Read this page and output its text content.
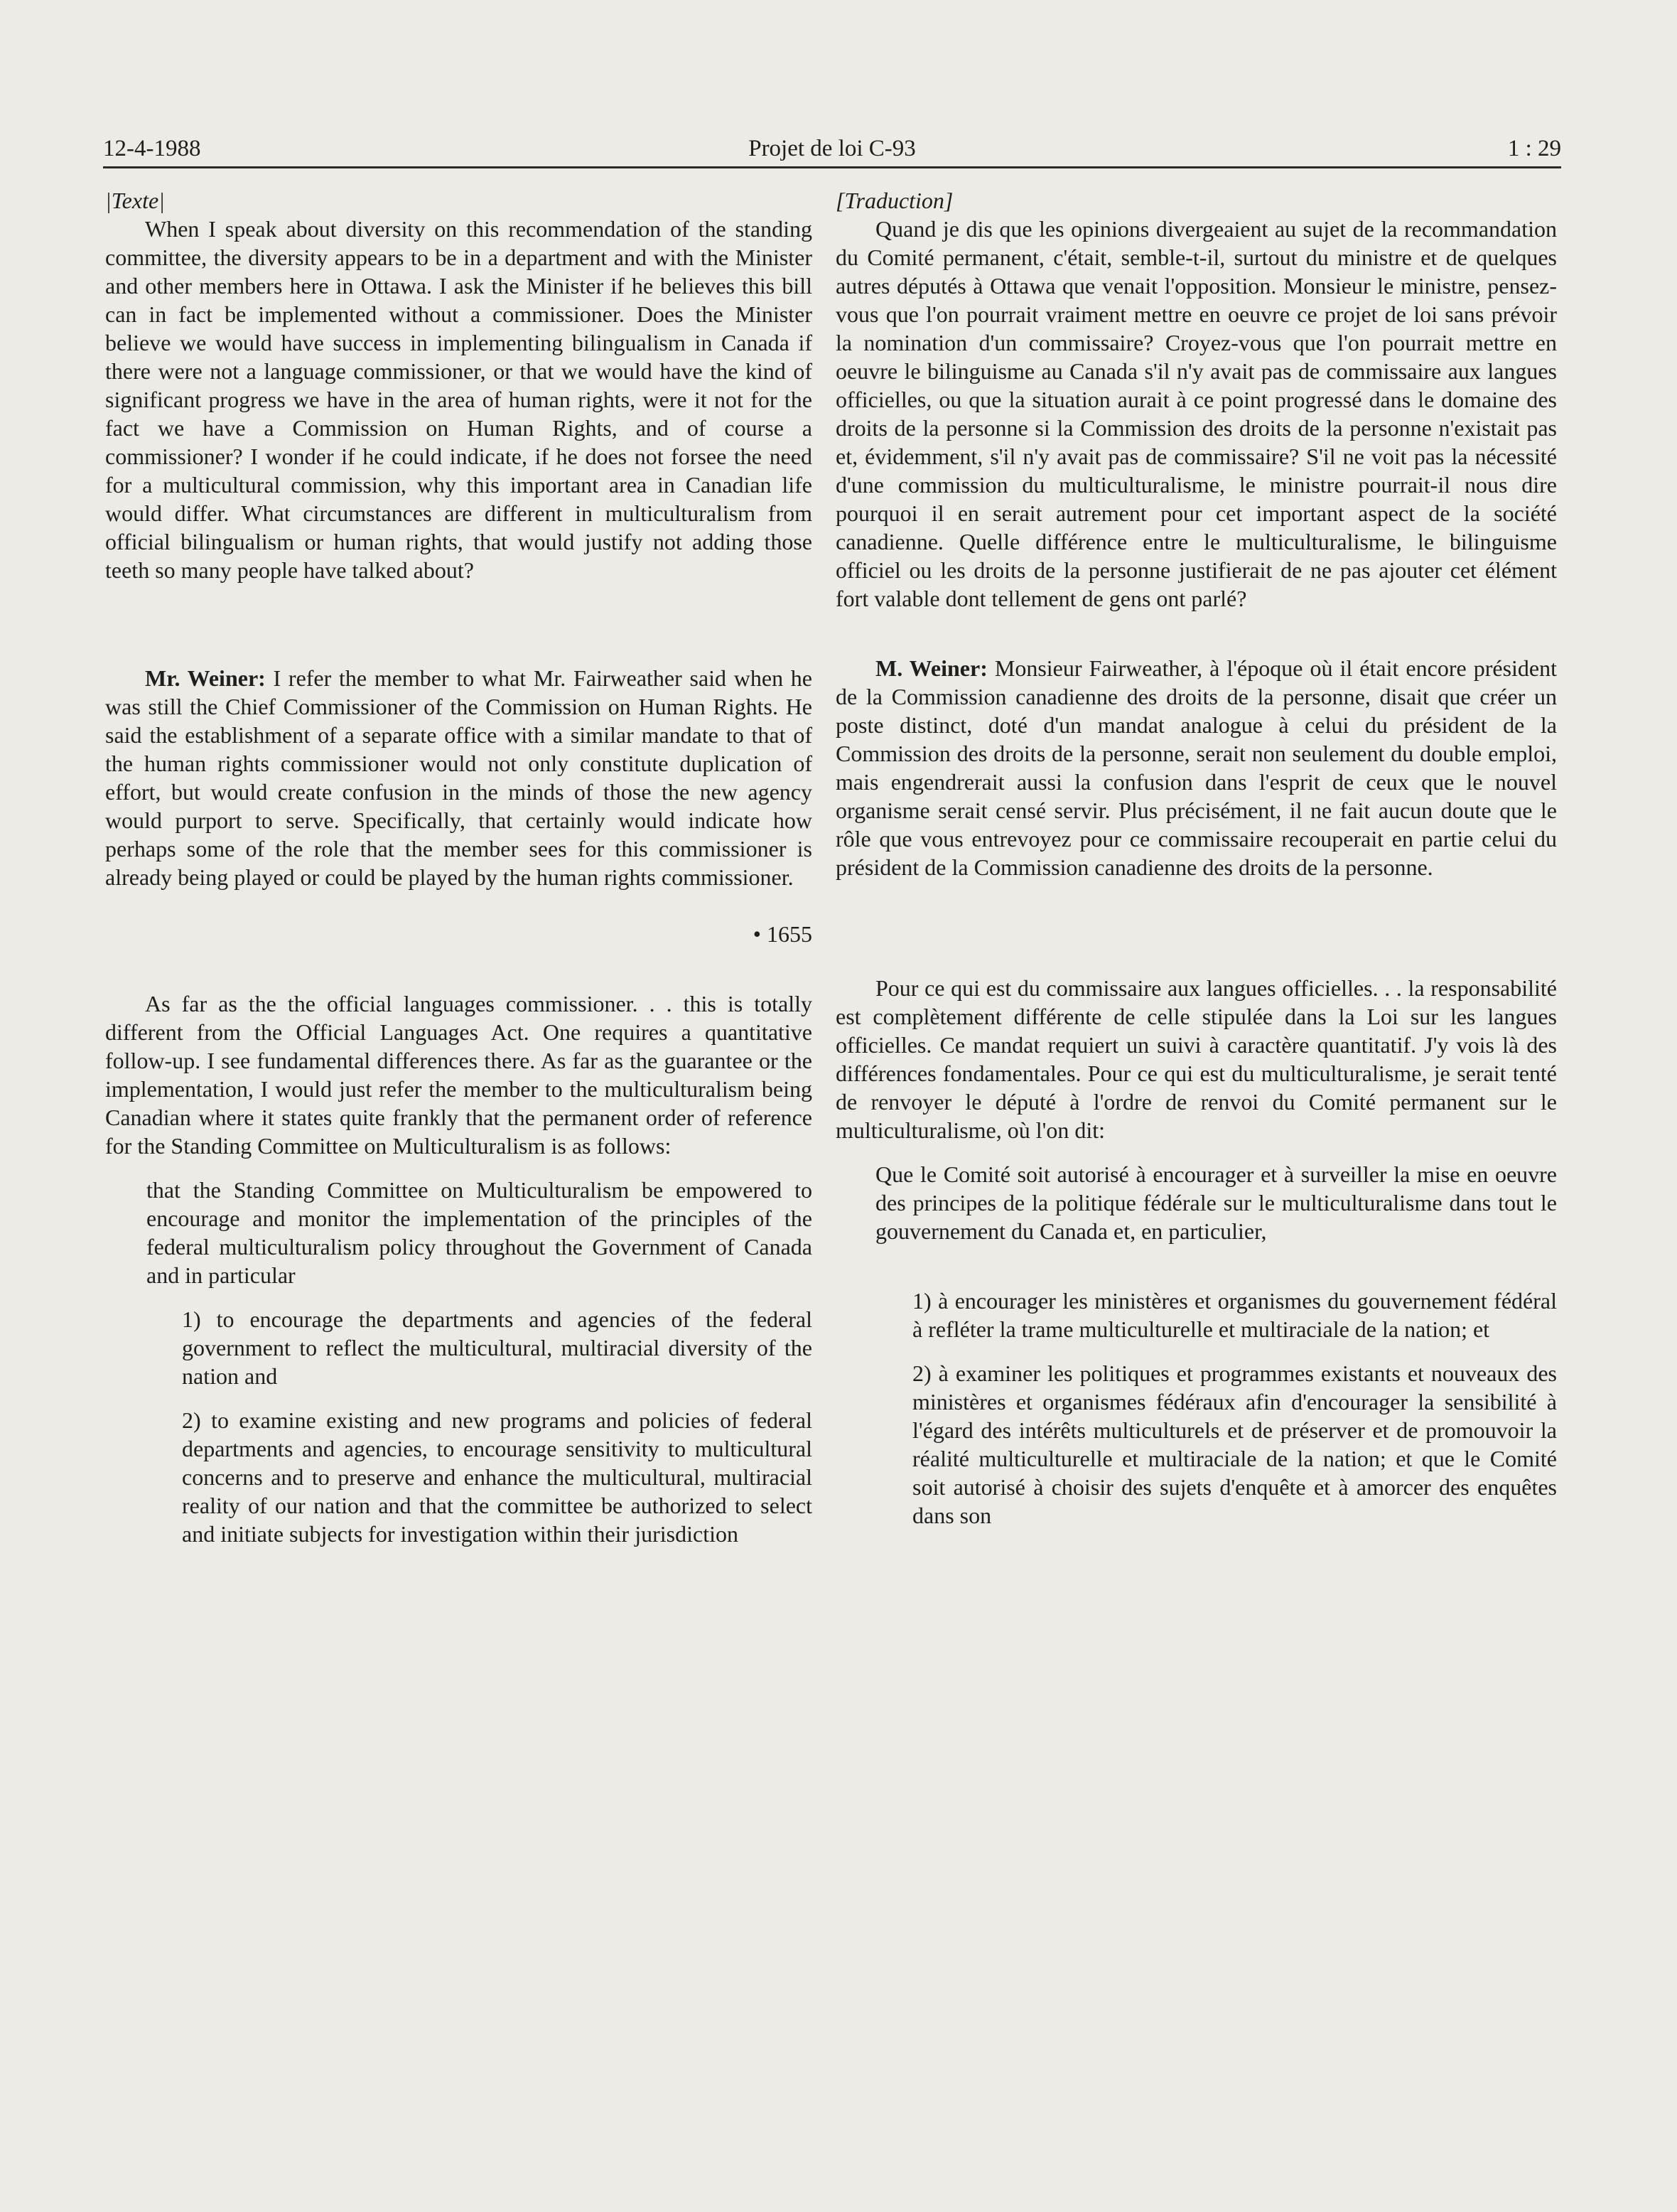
12-4-1988	Projet de loi C-93	1 : 29

|Texte|

When I speak about diversity on this recommendation of the standing committee, the diversity appears to be in a department and with the Minister and other members here in Ottawa. I ask the Minister if he believes this bill can in fact be implemented without a commissioner. Does the Minister believe we would have success in implementing bilingualism in Canada if there were not a language commissioner, or that we would have the kind of significant progress we have in the area of human rights, were it not for the fact we have a Commission on Human Rights, and of course a commissioner? I wonder if he could indicate, if he does not forsee the need for a multicultural commission, why this important area in Canadian life would differ. What circumstances are different in multiculturalism from official bilingualism or human rights, that would justify not adding those teeth so many people have talked about?

Mr. Weiner: I refer the member to what Mr. Fairweather said when he was still the Chief Commissioner of the Commission on Human Rights. He said the establishment of a separate office with a similar mandate to that of the human rights commissioner would not only constitute duplication of effort, but would create confusion in the minds of those the new agency would purport to serve. Specifically, that certainly would indicate how perhaps some of the role that the member sees for this commissioner is already being played or could be played by the human rights commissioner.

• 1655

As far as the the official languages commissioner. . . this is totally different from the Official Languages Act. One requires a quantitative follow-up. I see fundamental differences there. As far as the guarantee or the implementation, I would just refer the member to the multiculturalism being Canadian where it states quite frankly that the permanent order of reference for the Standing Committee on Multiculturalism is as follows:

that the Standing Committee on Multiculturalism be empowered to encourage and monitor the implementation of the principles of the federal multiculturalism policy throughout the Government of Canada and in particular

1) to encourage the departments and agencies of the federal government to reflect the multicultural, multiracial diversity of the nation and

2) to examine existing and new programs and policies of federal departments and agencies, to encourage sensitivity to multicultural concerns and to preserve and enhance the multicultural, multiracial reality of our nation and that the committee be authorized to select and initiate subjects for investigation within their jurisdiction

[Traduction]

Quand je dis que les opinions divergeaient au sujet de la recommandation du Comité permanent, c'était, semble-t-il, surtout du ministre et de quelques autres députés à Ottawa que venait l'opposition. Monsieur le ministre, pensez-vous que l'on pourrait vraiment mettre en oeuvre ce projet de loi sans prévoir la nomination d'un commissaire? Croyez-vous que l'on pourrait mettre en oeuvre le bilinguisme au Canada s'il n'y avait pas de commissaire aux langues officielles, ou que la situation aurait à ce point progressé dans le domaine des droits de la personne si la Commission des droits de la personne n'existait pas et, évidemment, s'il n'y avait pas de commissaire? S'il ne voit pas la nécessité d'une commission du multiculturalisme, le ministre pourrait-il nous dire pourquoi il en serait autrement pour cet important aspect de la société canadienne. Quelle différence entre le multiculturalisme, le bilinguisme officiel ou les droits de la personne justifierait de ne pas ajouter cet élément fort valable dont tellement de gens ont parlé?

M. Weiner: Monsieur Fairweather, à l'époque où il était encore président de la Commission canadienne des droits de la personne, disait que créer un poste distinct, doté d'un mandat analogue à celui du président de la Commission des droits de la personne, serait non seulement du double emploi, mais engendrerait aussi la confusion dans l'esprit de ceux que le nouvel organisme serait censé servir. Plus précisément, il ne fait aucun doute que le rôle que vous entrevoyez pour ce commissaire recouperait en partie celui du président de la Commission canadienne des droits de la personne.

Pour ce qui est du commissaire aux langues officielles. . . la responsabilité est complètement différente de celle stipulée dans la Loi sur les langues officielles. Ce mandat requiert un suivi à caractère quantitatif. J'y vois là des différences fondamentales. Pour ce qui est du multiculturalisme, je serait tenté de renvoyer le député à l'ordre de renvoi du Comité permanent sur le multiculturalisme, où l'on dit:

Que le Comité soit autorisé à encourager et à surveiller la mise en oeuvre des principes de la politique fédérale sur le multiculturalisme dans tout le gouvernement du Canada et, en particulier,

1) à encourager les ministères et organismes du gouvernement fédéral à refléter la trame multiculturelle et multiraciale de la nation; et

2) à examiner les politiques et programmes existants et nouveaux des ministères et organismes fédéraux afin d'encourager la sensibilité à l'égard des intérêts multiculturels et de préserver et de promouvoir la réalité multiculturelle et multiraciale de la nation; et que le Comité soit autorisé à choisir des sujets d'enquête et à amorcer des enquêtes dans son
